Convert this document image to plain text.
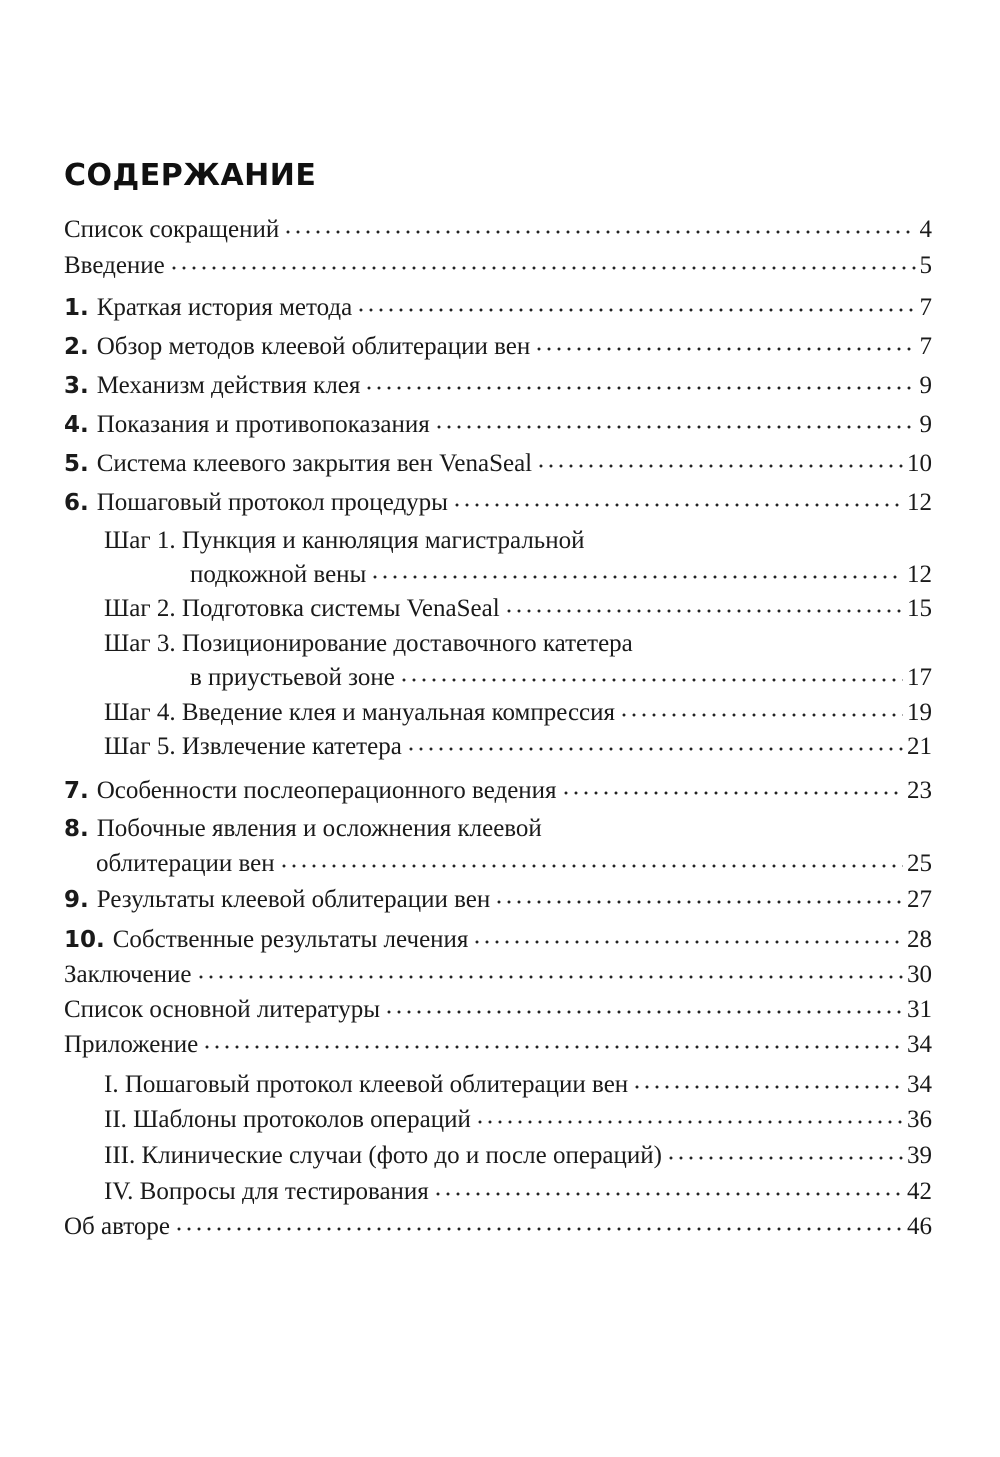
СОДЕРЖАНИЕ
Список сокращений	4
Введение	5
1. Краткая история метода	7
2. Обзор методов клеевой облитерации вен	7
3. Механизм действия клея	9
4. Показания и противопоказания	9
5. Система клеевого закрытия вен VenaSeal	10
6. Пошаговый протокол процедуры	12
Шаг 1. Пункция и канюляция магистральной
подкожной вены	12
Шаг 2. Подготовка системы VenaSeal	15
Шаг 3. Позиционирование доставочного катетера
в приустьевой зоне	17
Шаг 4. Введение клея и мануальная компрессия	19
Шаг 5. Извлечение катетера	21
7. Особенности послеоперационного ведения	23
8. Побочные явления и осложнения клеевой
облитерации вен	25
9. Результаты клеевой облитерации вен	27
10. Собственные результаты лечения	28
Заключение	30
Список основной литературы	31
Приложение	34
I. Пошаговый протокол клеевой облитерации вен	34
II. Шаблоны протоколов операций	36
III. Клинические случаи (фото до и после операций)	39
IV. Вопросы для тестирования	42
Об авторе	46
